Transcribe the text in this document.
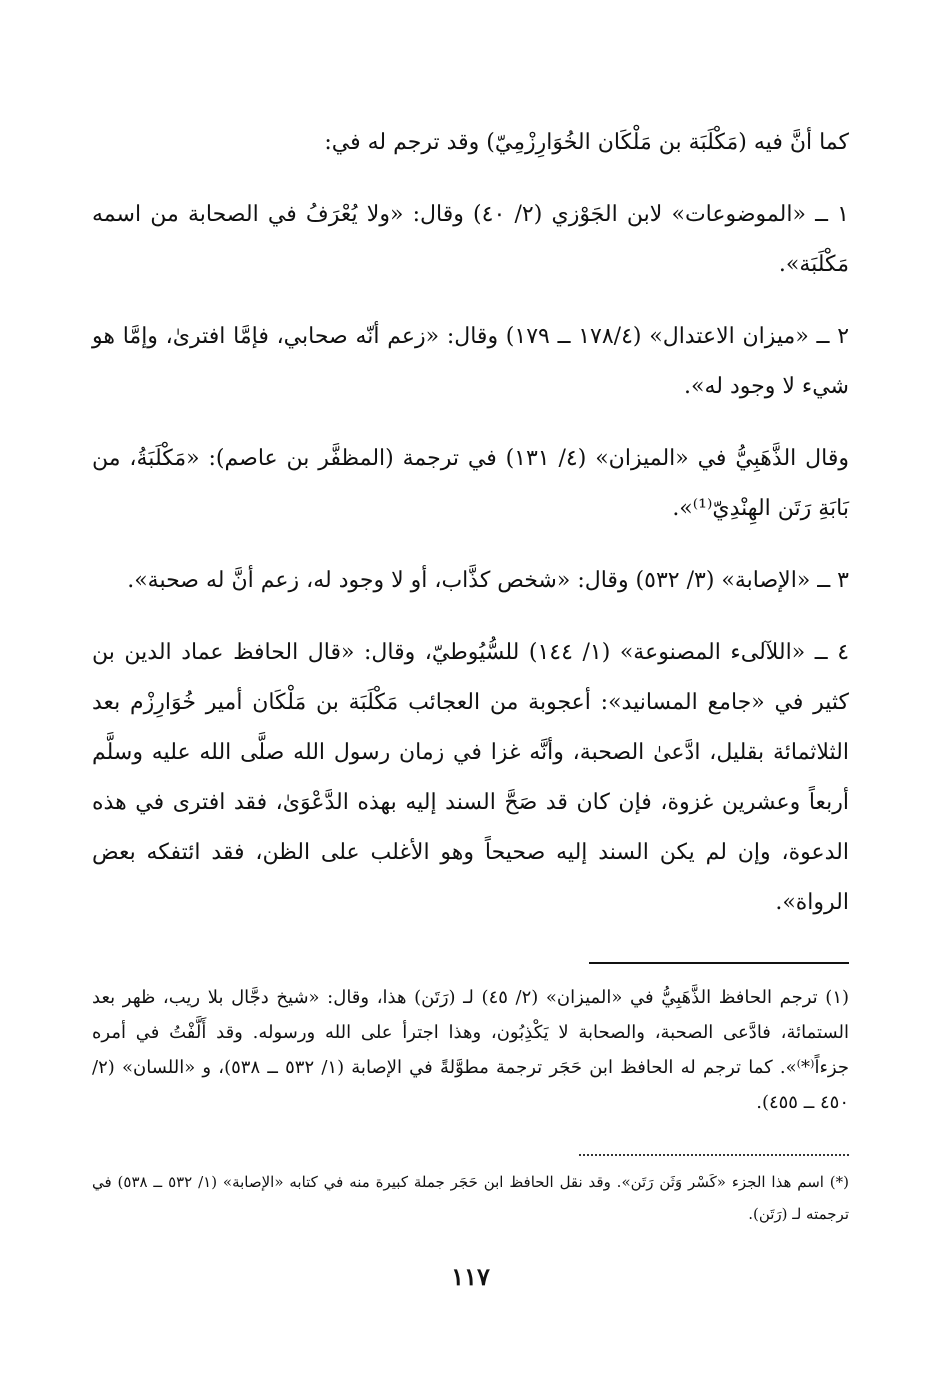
كما أنَّ فيه (مَكْلَبَة بن مَلْكَان الخُوَارِزْمِيّ) وقد ترجم له في:

١ ــ «الموضوعات» لابن الجَوْزي (٢/ ٤٠) وقال: «ولا يُعْرَفُ في الصحابة من اسمه مَكْلَبَة».

٢ ــ «ميزان الاعتدال» (١٧٨/٤ ــ ١٧٩) وقال: «زعم أنّه صحابي، فإمَّا افترىٰ، وإمَّا هو شيء لا وجود له».

وقال الذَّهَبِيُّ في «الميزان» (٤/ ١٣١) في ترجمة (المظفَّر بن عاصم): «مَكْلَبَةُ، من بَابَةِ رَتَن الهِنْدِيّ⁽¹⁾».

٣ ــ «الإصابة» (٣/ ٥٣٢) وقال: «شخص كذَّاب، أو لا وجود له، زعم أنَّ له صحبة».

٤ ــ «اللآلىء المصنوعة» (١/ ١٤٤) للسُّيُوطيّ، وقال: «قال الحافظ عماد الدين بن كثير في «جامع المسانيد»: أعجوبة من العجائب مَكْلَبَة بن مَلْكَان أمير خُوَارِزْم بعد الثلاثمائة بقليل، ادَّعىٰ الصحبة، وأنَّه غزا في زمان رسول الله صلَّى الله عليه وسلَّم أربعاً وعشرين غزوة، فإن كان قد صَحَّ السند إليه بهذه الدَّعْوَىٰ، فقد افترى في هذه الدعوة، وإن لم يكن السند إليه صحيحاً وهو الأغلب على الظن، فقد ائتفكه بعض الرواة».

(١) ترجم الحافظ الذَّهَبِيُّ في «الميزان» (٢/ ٤٥) لـ (رَتَن) هذا، وقال: «شيخ دجَّال بلا ريب، ظهر بعد الستمائة، فادَّعى الصحبة، والصحابة لا يَكْذِبُون، وهذا اجترأ على الله ورسوله. وقد أَلَّفْتُ في أمره جزءاً⁽*⁾». كما ترجم له الحافظ ابن حَجَر ترجمة مطوَّلةً في الإصابة (١/ ٥٣٢ ــ ٥٣٨)، و «اللسان» (٢/ ٤٥٠ ــ ٤٥٥).

(*) اسم هذا الجزء «كَسْر وَثَن رَتَن». وقد نقل الحافظ ابن حَجَر جملة كبيرة منه في كتابه «الإصابة» (١/ ٥٣٢ ــ ٥٣٨) في ترجمته لـ (رَتَن).

١١٧
